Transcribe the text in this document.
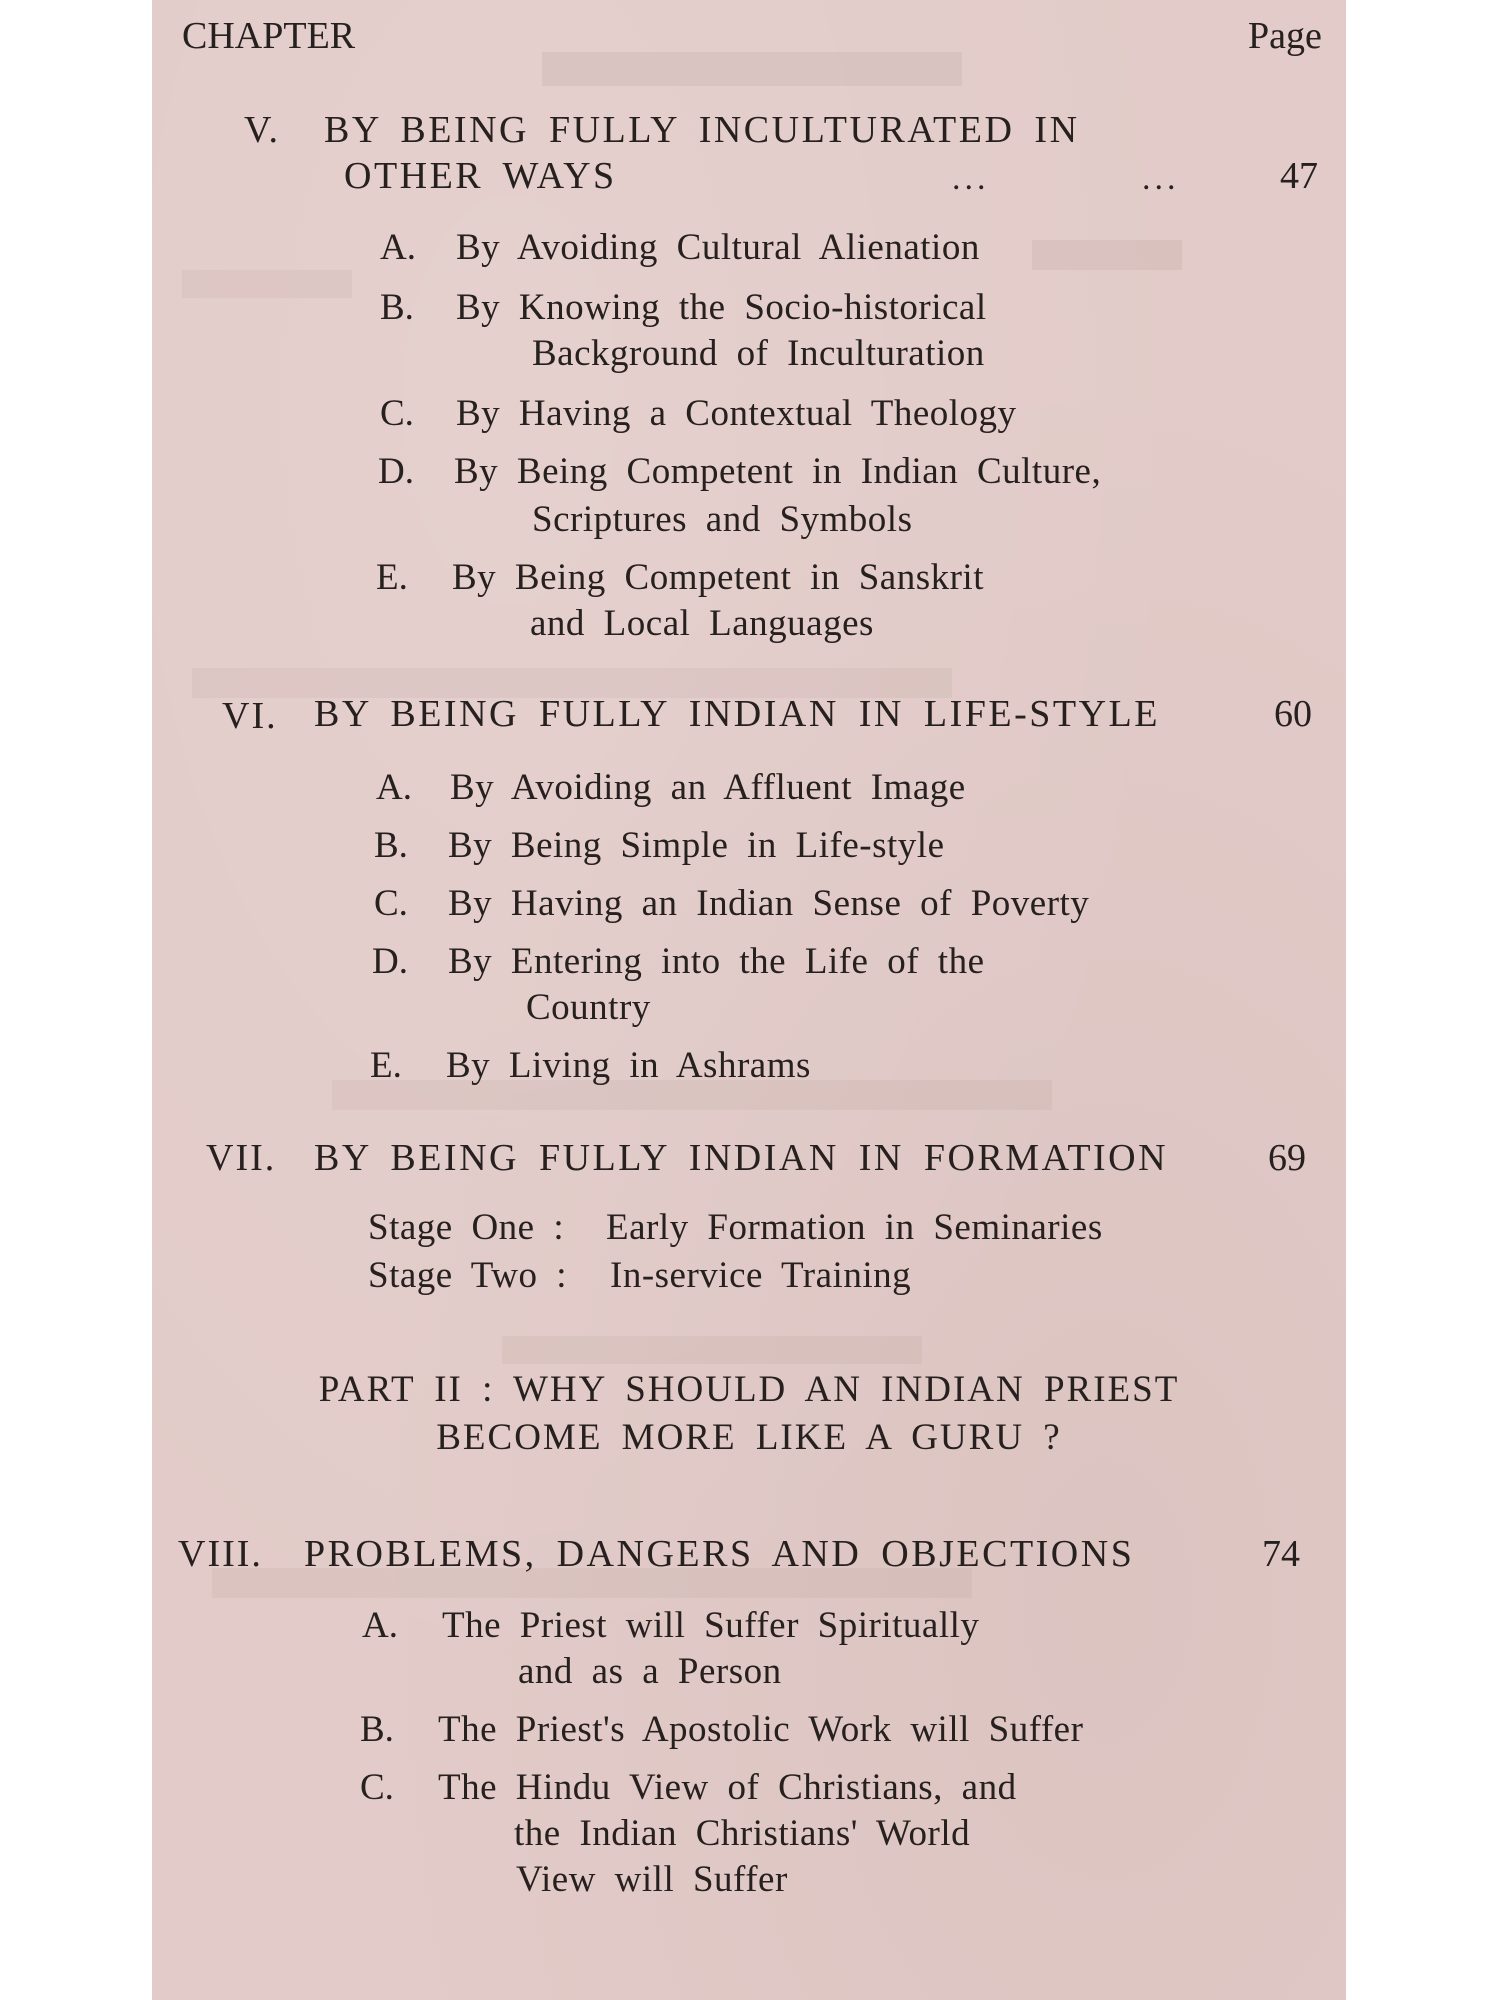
CHAPTER	Page
V. BY BEING FULLY INCULTURATED IN
OTHER WAYS	...	...	47
A. By Avoiding Cultural Alienation
B. By Knowing the Socio-historical
Background of Inculturation
C. By Having a Contextual Theology
D. By Being Competent in Indian Culture,
Scriptures and Symbols
E. By Being Competent in Sanskrit
and Local Languages
VI. BY BEING FULLY INDIAN IN LIFE-STYLE	60
A. By Avoiding an Affluent Image
B. By Being Simple in Life-style
C. By Having an Indian Sense of Poverty
D. By Entering into the Life of the
Country
E. By Living in Ashrams
VII. BY BEING FULLY INDIAN IN FORMATION	69
Stage One : Early Formation in Seminaries
Stage Two : In-service Training
PART II : WHY SHOULD AN INDIAN PRIEST
BECOME MORE LIKE A GURU ?
VIII. PROBLEMS, DANGERS AND OBJECTIONS	74
A. The Priest will Suffer Spiritually
and as a Person
B. The Priest's Apostolic Work will Suffer
C. The Hindu View of Christians, and
the Indian Christians' World
View will Suffer
